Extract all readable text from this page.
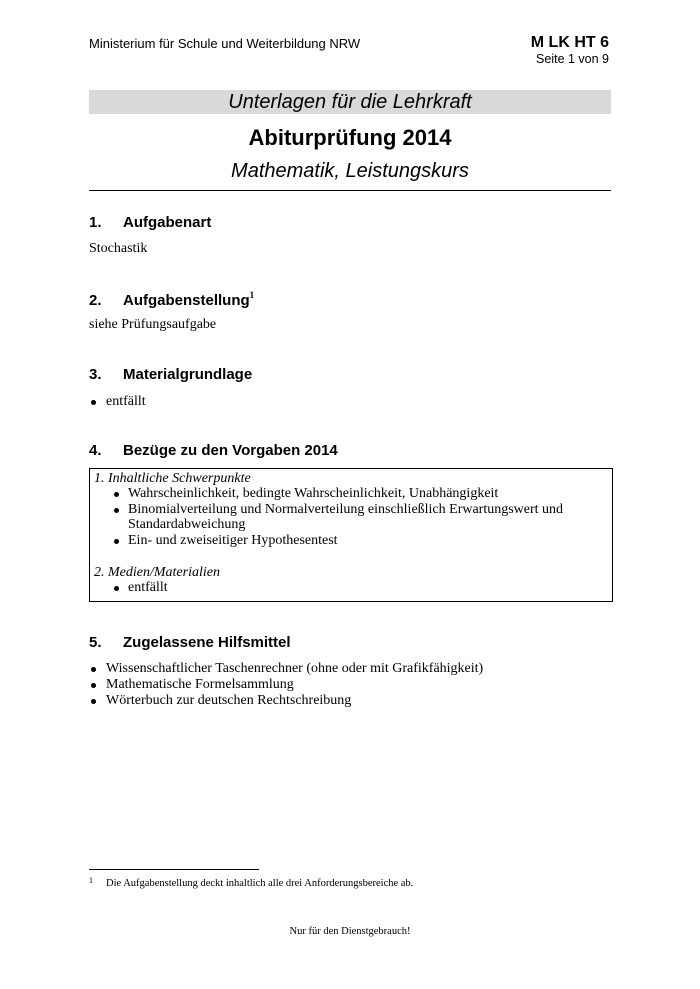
Ministerium für Schule und Weiterbildung NRW	M LK HT 6
Seite 1 von 9
Unterlagen für die Lehrkraft
Abiturprüfung 2014
Mathematik, Leistungskurs
1. Aufgabenart
Stochastik
2. Aufgabenstellung$^1$
siehe Prüfungsaufgabe
3. Materialgrundlage
entfällt
4. Bezüge zu den Vorgaben 2014
1. Inhaltliche Schwerpunkte
Wahrscheinlichkeit, bedingte Wahrscheinlichkeit, Unabhängigkeit
Binomialverteilung und Normalverteilung einschließlich Erwartungswert und Standardabweichung
Ein- und zweiseitiger Hypothesentest
2. Medien/Materialien
entfällt
5. Zugelassene Hilfsmittel
Wissenschaftlicher Taschenrechner (ohne oder mit Grafikfähigkeit)
Mathematische Formelsammlung
Wörterbuch zur deutschen Rechtschreibung
1 Die Aufgabenstellung deckt inhaltlich alle drei Anforderungsbereiche ab.
Nur für den Dienstgebrauch!
